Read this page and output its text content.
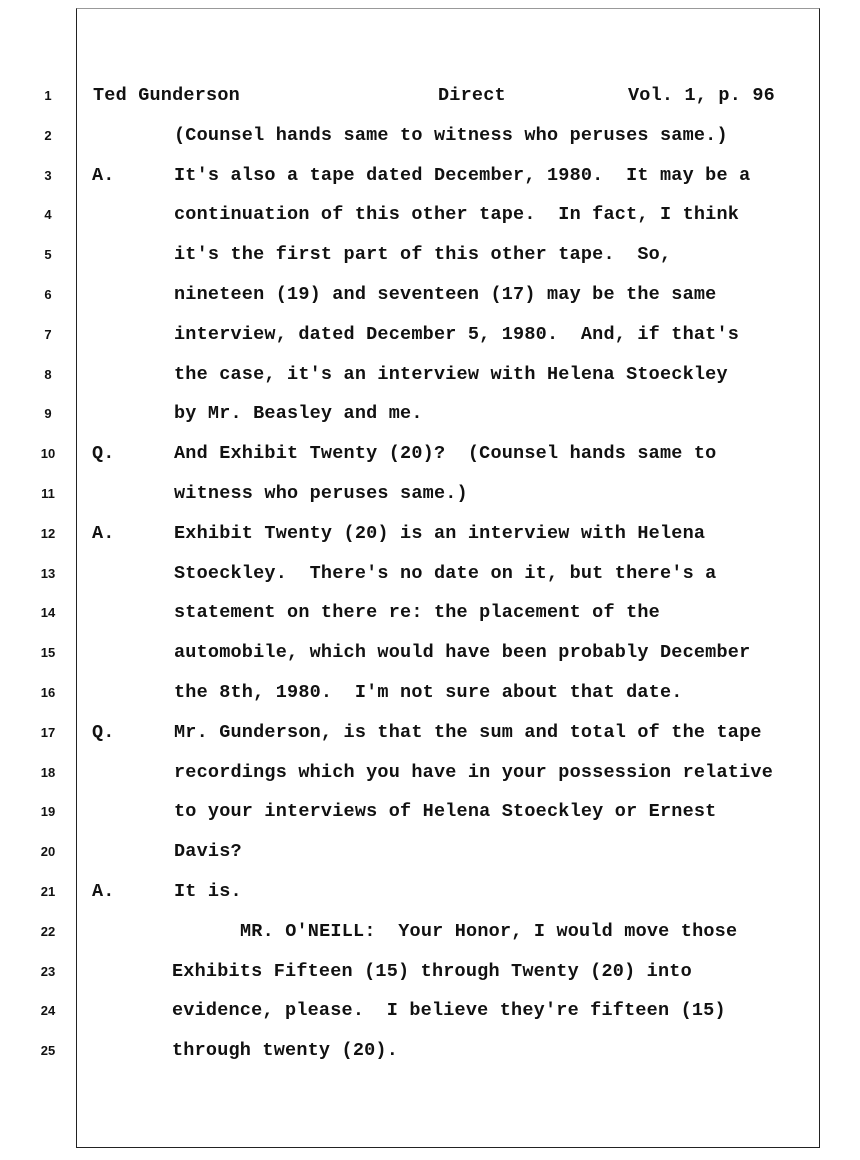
1
2
3
4
5
6
7
8
9
10
11
12
13
14
15
16
17
18
19
20
21
22
23
24
25

Ted Gunderson

	Direct

	Vol. 1, p. 96

(Counsel hands same to witness who peruses same.)
A.	It's also a tape dated December, 1980.  It may be a
continuation of this other tape.  In fact, I think
it's the first part of this other tape.  So,
nineteen (19) and seventeen (17) may be the same
interview, dated December 5, 1980.  And, if that's
the case, it's an interview with Helena Stoeckley
by Mr. Beasley and me.
Q.	And Exhibit Twenty (20)?  (Counsel hands same to
witness who peruses same.)
A.	Exhibit Twenty (20) is an interview with Helena
Stoeckley.  There's no date on it, but there's a
statement on there re: the placement of the
automobile, which would have been probably December
the 8th, 1980.  I'm not sure about that date.
Q.	Mr. Gunderson, is that the sum and total of the tape
recordings which you have in your possession relative
to your interviews of Helena Stoeckley or Ernest
Davis?
A.	It is.
MR. O'NEILL:  Your Honor, I would move those
Exhibits Fifteen (15) through Twenty (20) into
evidence, please.  I believe they're fifteen (15)
through twenty (20).
